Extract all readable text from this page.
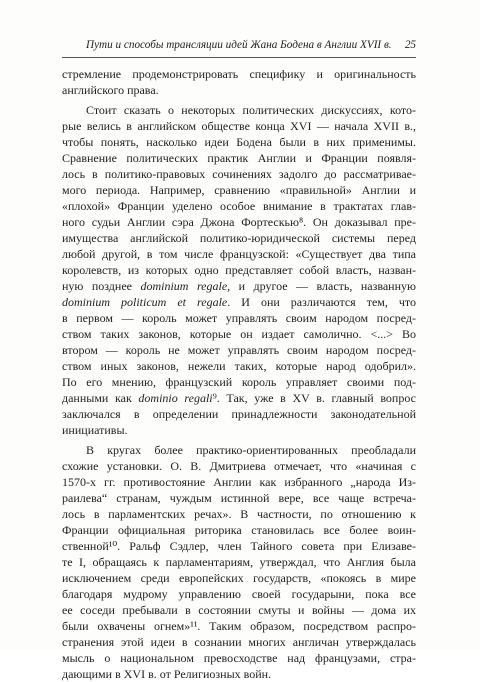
Пути и способы трансляции идей Жана Бодена в Англии XVII в. 25
стремление продемонстрировать специфику и оригинальность
английского права.
Стоит сказать о некоторых политических дискуссиях, кото-
рые велись в английском обществе конца XVI — начала XVII в.,
чтобы понять, насколько идеи Бодена были в них применимы.
Сравнение политических практик Англии и Франции появля-
лось в политико-правовых сочинениях задолго до рассматривае-
мого периода. Например, сравнению «правильной» Англии и
«плохой» Франции уделено особое внимание в трактатах глав-
ного судьи Англии сэра Джона Фортескью⁸. Он доказывал пре-
имущества английской политико-юридической системы перед
любой другой, в том числе французской: «Существует два типа
королевств, из которых одно представляет собой власть, назван-
ную позднее dominium regale, и другое — власть, названную
dominium politicum et regale. И они различаются тем, что
в первом — король может управлять своим народом посред-
ством таких законов, которые он издает самолично. <...> Во
втором — король не может управлять своим народом посред-
ством иных законов, нежели таких, которые народ одобрил».
По его мнению, французский король управляет своими под-
данными как dominio regali⁹. Так, уже в XV в. главный вопрос
заключался в определении принадлежности законодательной
инициативы.
В кругах более практико-ориентированных преобладали
схожие установки. О. В. Дмитриева отмечает, что «начиная с
1570-х гг. противостояние Англии как избранного „народа Из-
раилева“ странам, чуждым истинной вере, все чаще встреча-
лось в парламентских речах». В частности, по отношению к
Франции официальная риторика становилась все более воин-
ственной¹⁰. Ральф Сэдлер, член Тайного совета при Елизаве-
те I, обращаясь к парламентариям, утверждал, что Англия была
исключением среди европейских государств, «покоясь в мире
благодаря мудрому управлению своей государыни, пока все
ее соседи пребывали в состоянии смуты и войны — дома их
были охвачены огнем»¹¹. Таким образом, посредством распро-
странения этой идеи в сознании многих англичан утверждалась
мысль о национальном превосходстве над французами, стра-
дающими в XVI в. от Религиозных войн.
